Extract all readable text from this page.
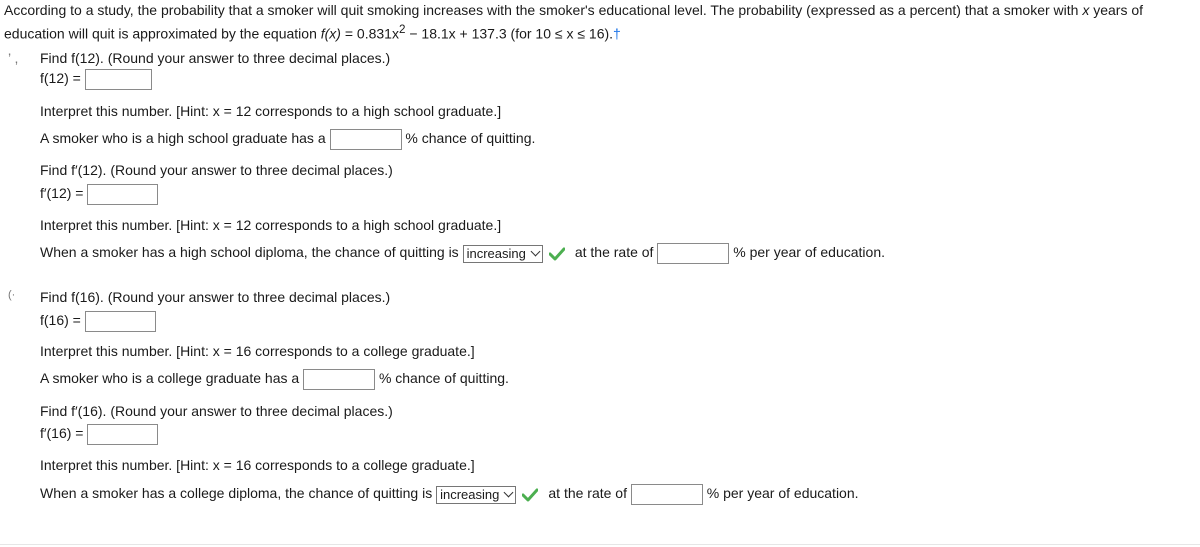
According to a study, the probability that a smoker will quit smoking increases with the smoker's educational level. The probability (expressed as a percent) that a smoker with x years of education will quit is approximated by the equation $f(x) = 0.831x^2 - 18.1x + 137.3$ (for 10 ≤ x ≤ 16).†
’ , Find f(12). (Round your answer to three decimal places.)
f(12) =
Interpret this number. [Hint: x = 12 corresponds to a high school graduate.]
A smoker who is a high school graduate has a	% chance of quitting.
Find f′(12). (Round your answer to three decimal places.)
f′(12) =
Interpret this number. [Hint: x = 12 corresponds to a high school graduate.]
When a smoker has a high school diploma, the chance of quitting is increasing	at the rate of	% per year of education.
(· Find f(16). (Round your answer to three decimal places.)
f(16) =
Interpret this number. [Hint: x = 16 corresponds to a college graduate.]
A smoker who is a college graduate has a	% chance of quitting.
Find f′(16). (Round your answer to three decimal places.)
f′(16) =
Interpret this number. [Hint: x = 16 corresponds to a college graduate.]
When a smoker has a college diploma, the chance of quitting is increasing	at the rate of	% per year of education.
